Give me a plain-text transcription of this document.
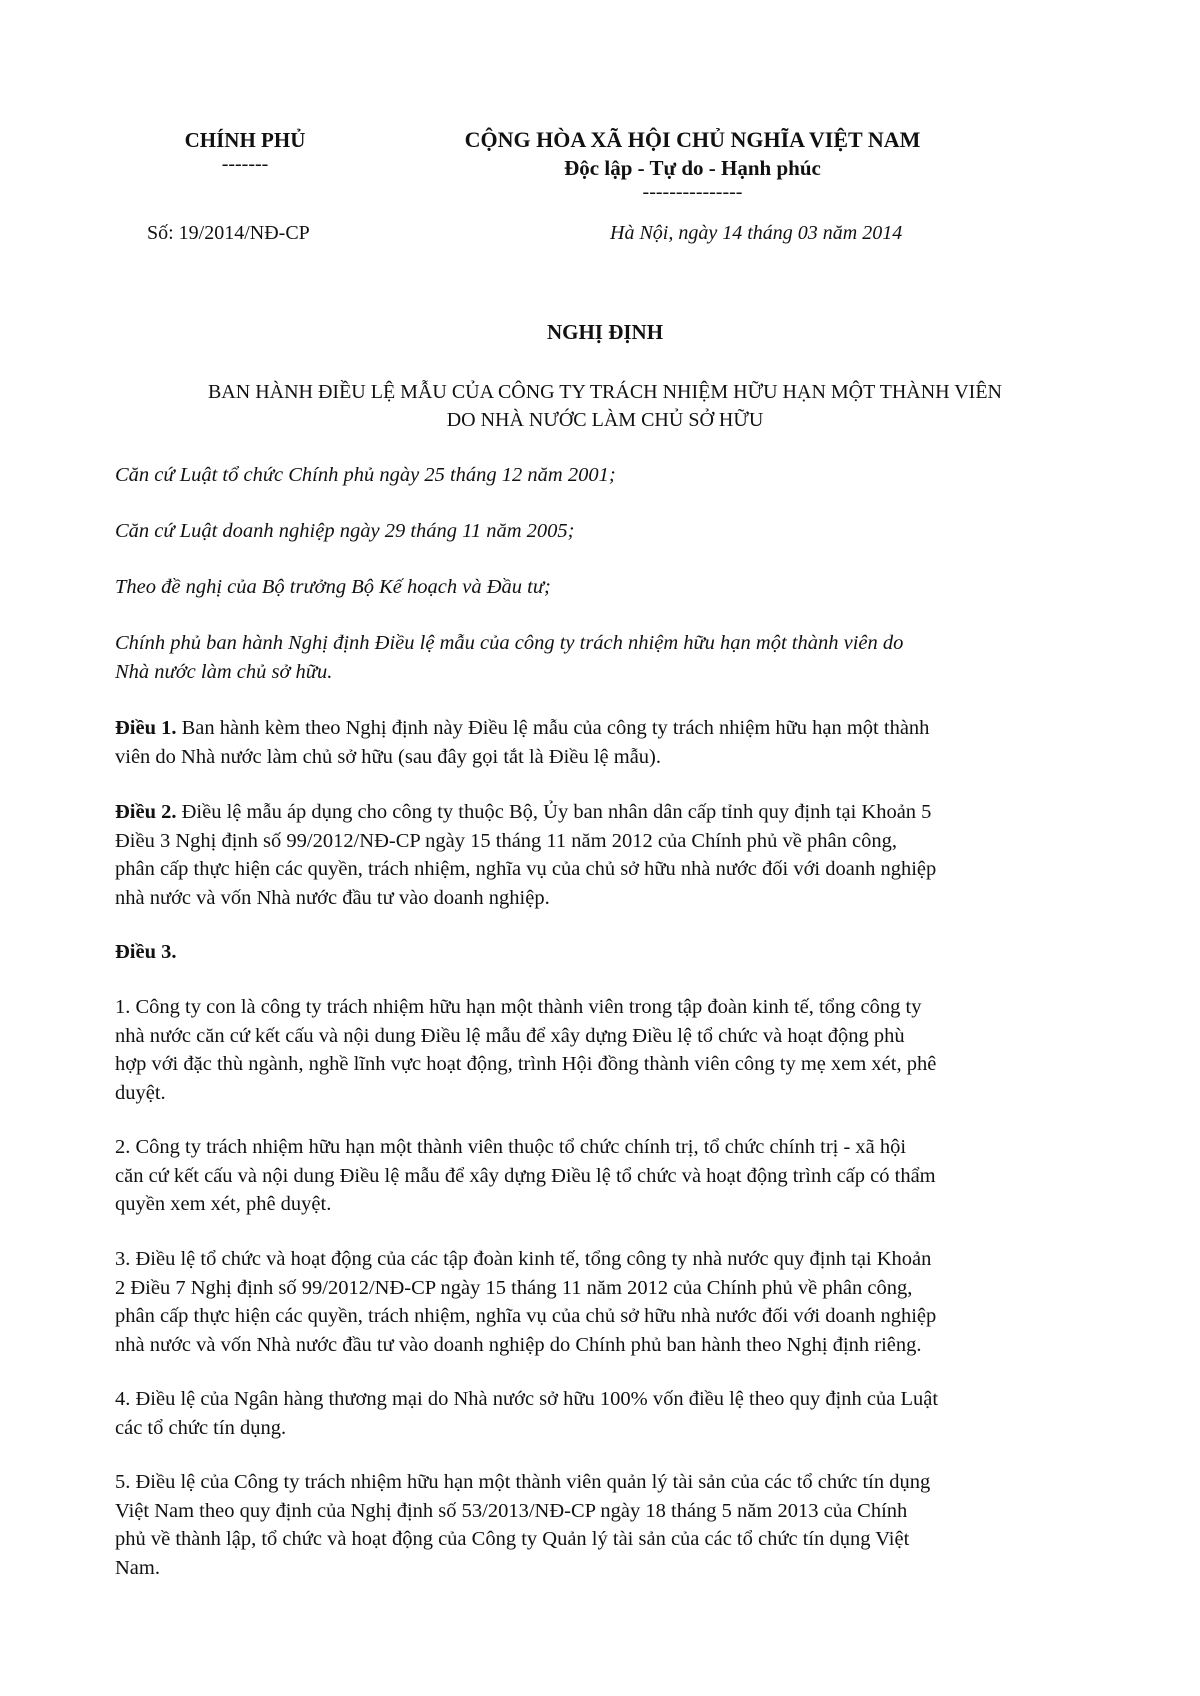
CHÍNH PHỦ
-------
CỘNG HÒA XÃ HỘI CHỦ NGHĨA VIỆT NAM
Độc lập - Tự do - Hạnh phúc
---------------
Số: 19/2014/NĐ-CP	Hà Nội, ngày 14 tháng 03 năm 2014
NGHỊ ĐỊNH
BAN HÀNH ĐIỀU LỆ MẪU CỦA CÔNG TY TRÁCH NHIỆM HỮU HẠN MỘT THÀNH VIÊN
DO NHÀ NƯỚC LÀM CHỦ SỞ HỮU
Căn cứ Luật tổ chức Chính phủ ngày 25 tháng 12 năm 2001;
Căn cứ Luật doanh nghiệp ngày 29 tháng 11 năm 2005;
Theo đề nghị của Bộ trưởng Bộ Kế hoạch và Đầu tư;
Chính phủ ban hành Nghị định Điều lệ mẫu của công ty trách nhiệm hữu hạn một thành viên do
Nhà nước làm chủ sở hữu.
Điều 1. Ban hành kèm theo Nghị định này Điều lệ mẫu của công ty trách nhiệm hữu hạn một thành
viên do Nhà nước làm chủ sở hữu (sau đây gọi tắt là Điều lệ mẫu).
Điều 2. Điều lệ mẫu áp dụng cho công ty thuộc Bộ, Ủy ban nhân dân cấp tỉnh quy định tại Khoản 5
Điều 3 Nghị định số 99/2012/NĐ-CP ngày 15 tháng 11 năm 2012 của Chính phủ về phân công,
phân cấp thực hiện các quyền, trách nhiệm, nghĩa vụ của chủ sở hữu nhà nước đối với doanh nghiệp
nhà nước và vốn Nhà nước đầu tư vào doanh nghiệp.
Điều 3.
1. Công ty con là công ty trách nhiệm hữu hạn một thành viên trong tập đoàn kinh tế, tổng công ty
nhà nước căn cứ kết cấu và nội dung Điều lệ mẫu để xây dựng Điều lệ tổ chức và hoạt động phù
hợp với đặc thù ngành, nghề lĩnh vực hoạt động, trình Hội đồng thành viên công ty mẹ xem xét, phê
duyệt.
2. Công ty trách nhiệm hữu hạn một thành viên thuộc tổ chức chính trị, tổ chức chính trị - xã hội
căn cứ kết cấu và nội dung Điều lệ mẫu để xây dựng Điều lệ tổ chức và hoạt động trình cấp có thẩm
quyền xem xét, phê duyệt.
3. Điều lệ tổ chức và hoạt động của các tập đoàn kinh tế, tổng công ty nhà nước quy định tại Khoản
2 Điều 7 Nghị định số 99/2012/NĐ-CP ngày 15 tháng 11 năm 2012 của Chính phủ về phân công,
phân cấp thực hiện các quyền, trách nhiệm, nghĩa vụ của chủ sở hữu nhà nước đối với doanh nghiệp
nhà nước và vốn Nhà nước đầu tư vào doanh nghiệp do Chính phủ ban hành theo Nghị định riêng.
4. Điều lệ của Ngân hàng thương mại do Nhà nước sở hữu 100% vốn điều lệ theo quy định của Luật
các tổ chức tín dụng.
5. Điều lệ của Công ty trách nhiệm hữu hạn một thành viên quản lý tài sản của các tổ chức tín dụng
Việt Nam theo quy định của Nghị định số 53/2013/NĐ-CP ngày 18 tháng 5 năm 2013 của Chính
phủ về thành lập, tổ chức và hoạt động của Công ty Quản lý tài sản của các tổ chức tín dụng Việt
Nam.
